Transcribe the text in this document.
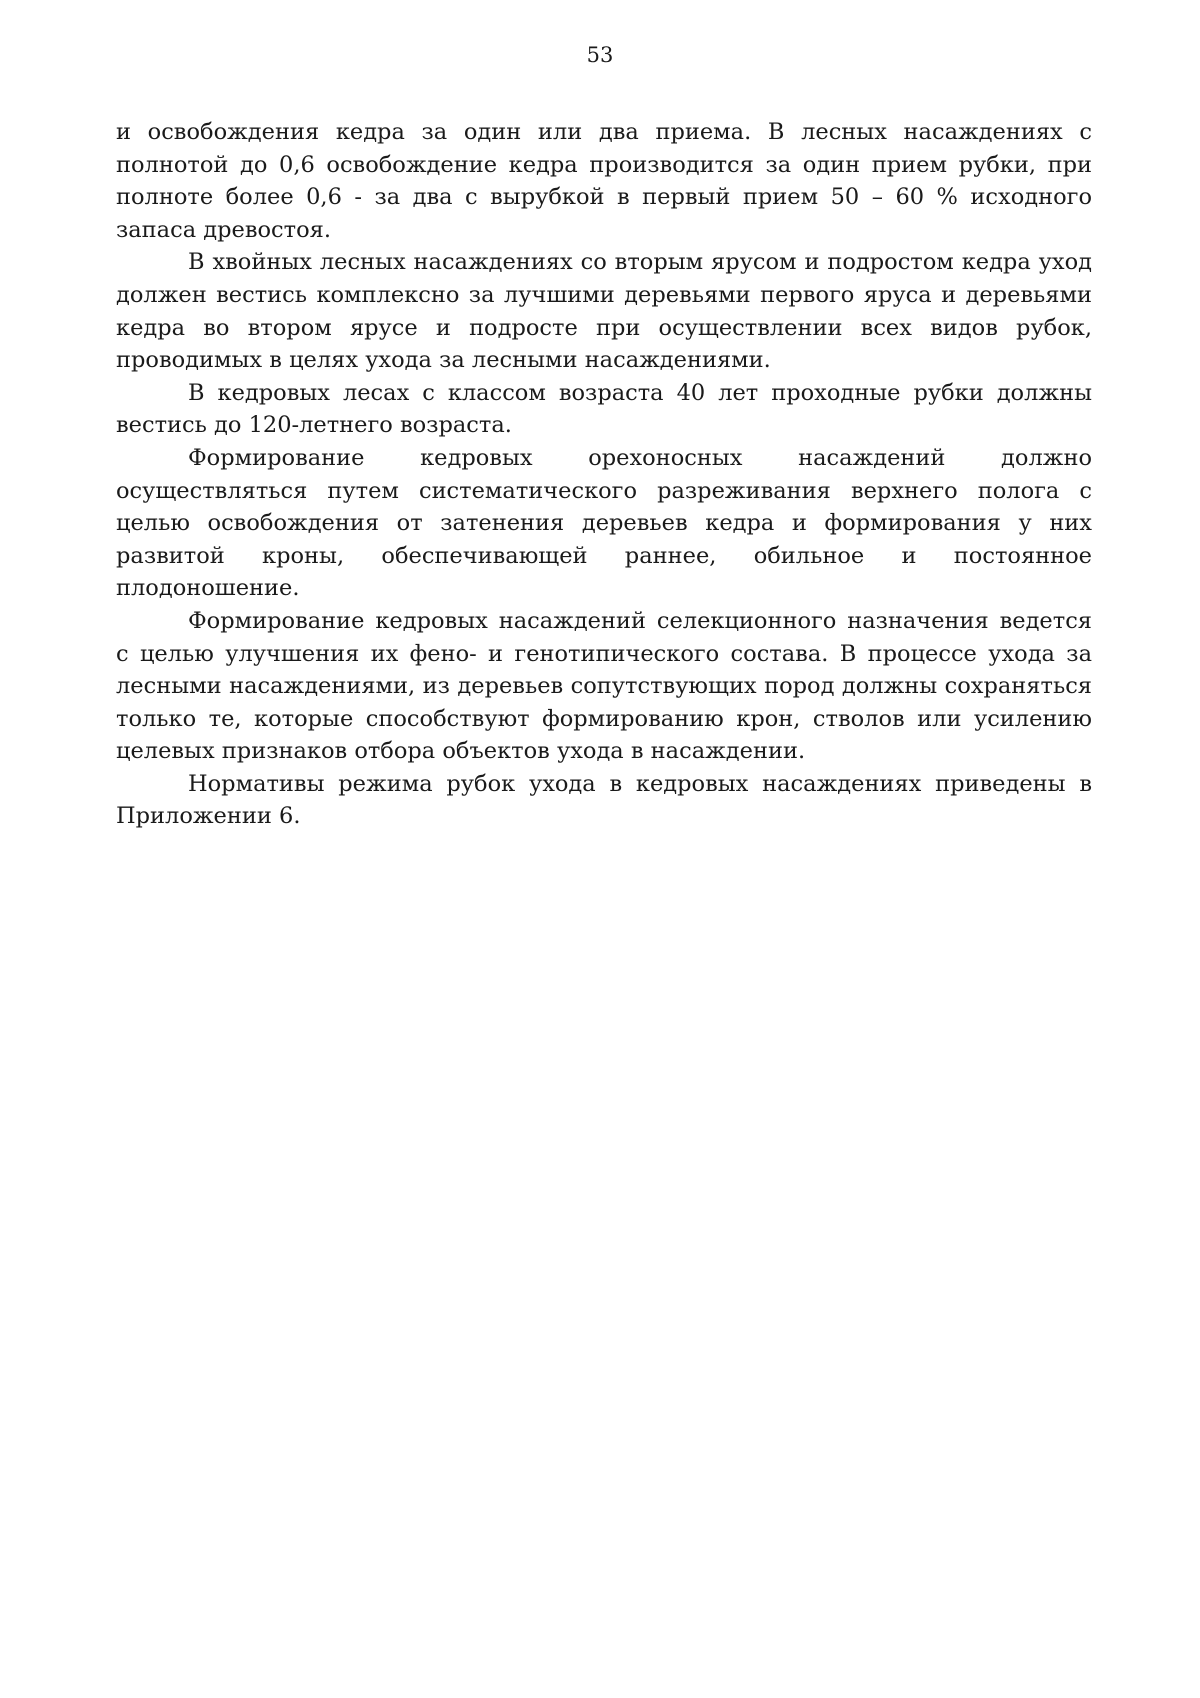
53

и освобождения кедра за один или два приема. В лесных насаждениях с полнотой до 0,6 освобождение кедра производится за один прием рубки, при полноте более 0,6 - за два с вырубкой в первый прием 50 – 60 % исходного запаса древостоя.

В хвойных лесных насаждениях со вторым ярусом и подростом кедра уход должен вестись комплексно за лучшими деревьями первого яруса и деревьями кедра во втором ярусе и подросте при осуществлении всех видов рубок, проводимых в целях ухода за лесными насаждениями.

В кедровых лесах с классом возраста 40 лет проходные рубки должны вестись до 120-летнего возраста.

Формирование кедровых орехоносных насаждений должно осуществляться путем систематического разреживания верхнего полога с целью освобождения от затенения деревьев кедра и формирования у них развитой кроны, обеспечивающей раннее, обильное и постоянное плодоношение.

Формирование кедровых насаждений селекционного назначения ведется с целью улучшения их фено- и генотипического состава. В процессе ухода за лесными насаждениями, из деревьев сопутствующих пород должны сохраняться только те, которые способствуют формированию крон, стволов или усилению целевых признаков отбора объектов ухода в насаждении.

Нормативы режима рубок ухода в кедровых насаждениях приведены в Приложении 6.
